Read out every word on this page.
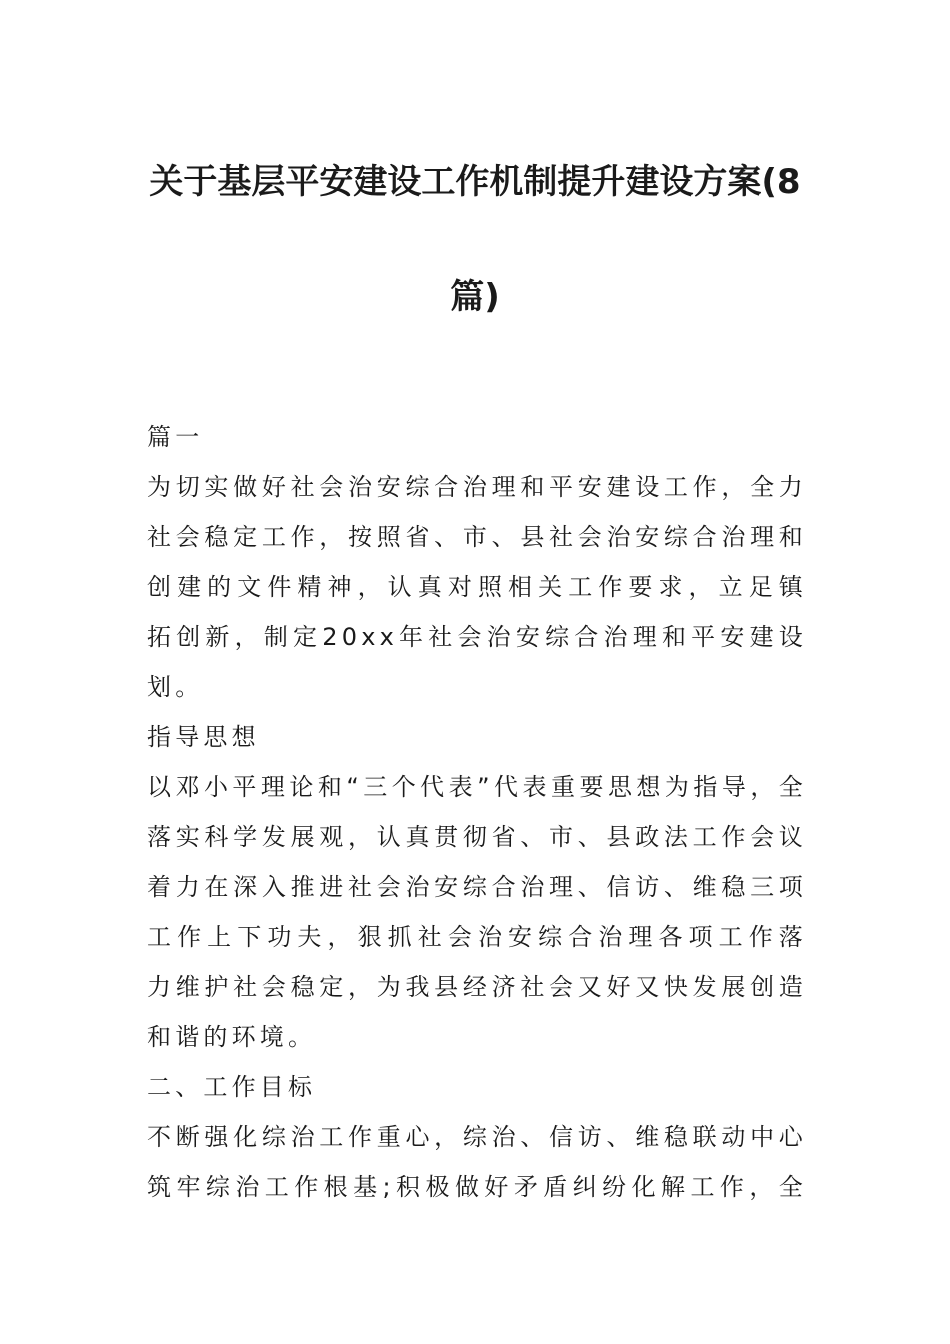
关于基层平安建设工作机制提升建设方案(8
篇)
篇一
为切实做好社会治安综合治理和平安建设工作，全力
社会稳定工作，按照省、市、县社会治安综合治理和
创建的文件精神，认真对照相关工作要求，立足镇
拓创新，制定20xx年社会治安综合治理和平安建设
划。
指导思想
以邓小平理论和“三个代表”代表重要思想为指导，全
落实科学发展观，认真贯彻省、市、县政法工作会议
着力在深入推进社会治安综合治理、信访、维稳三项
工作上下功夫，狠抓社会治安综合治理各项工作落
力维护社会稳定，为我县经济社会又好又快发展创造
和谐的环境。
二、工作目标
不断强化综治工作重心，综治、信访、维稳联动中心
筑牢综治工作根基;积极做好矛盾纠纷化解工作，全
